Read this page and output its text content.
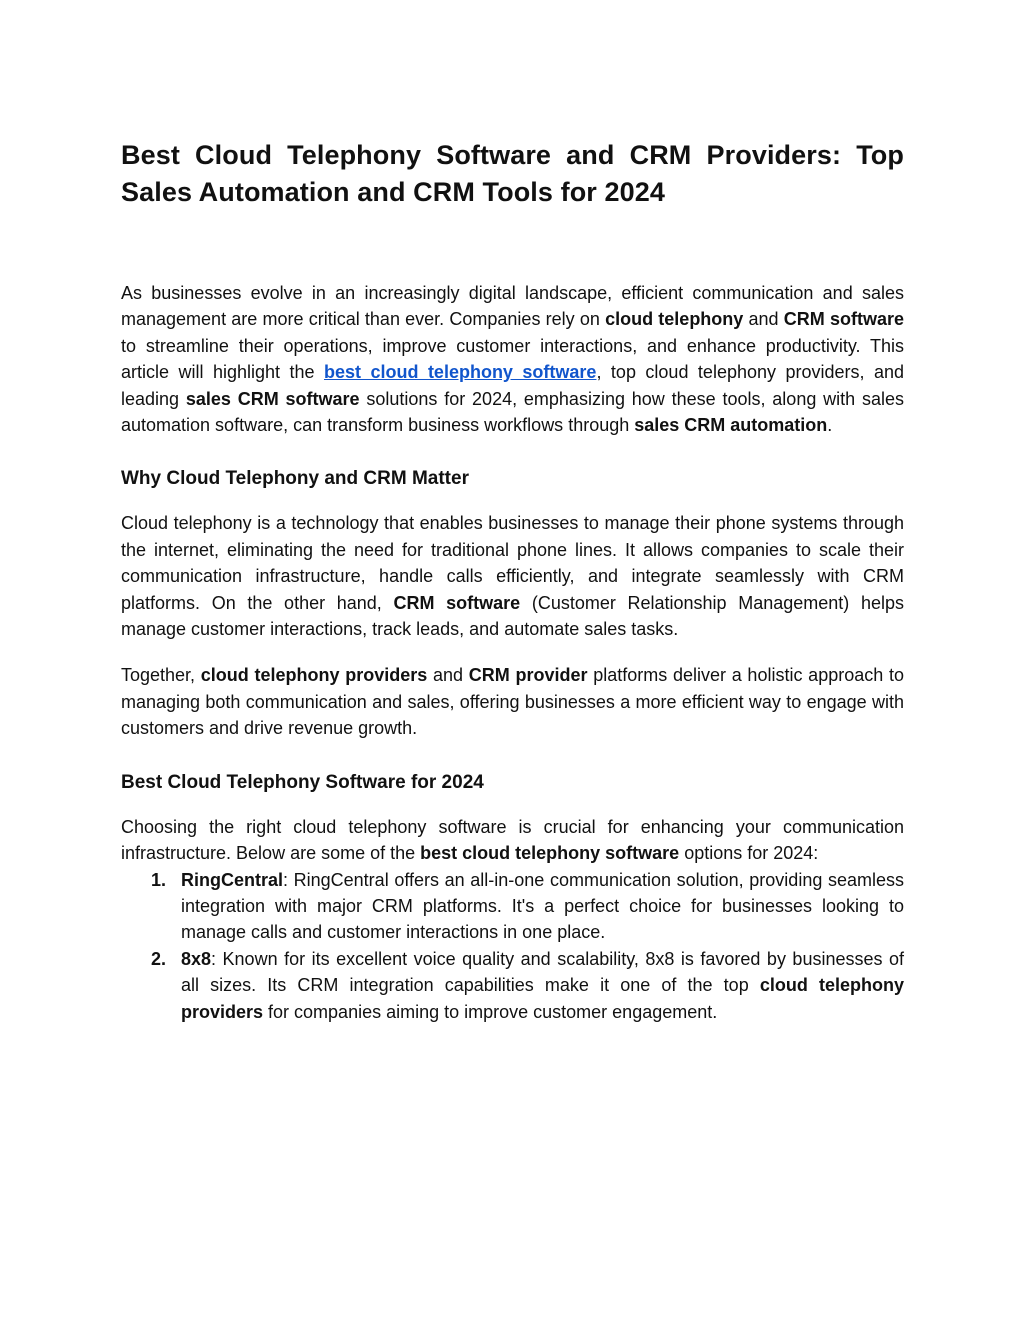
Best Cloud Telephony Software and CRM Providers: Top Sales Automation and CRM Tools for 2024

As businesses evolve in an increasingly digital landscape, efficient communication and sales management are more critical than ever. Companies rely on cloud telephony and CRM software to streamline their operations, improve customer interactions, and enhance productivity. This article will highlight the best cloud telephony software, top cloud telephony providers, and leading sales CRM software solutions for 2024, emphasizing how these tools, along with sales automation software, can transform business workflows through sales CRM automation.

Why Cloud Telephony and CRM Matter

Cloud telephony is a technology that enables businesses to manage their phone systems through the internet, eliminating the need for traditional phone lines. It allows companies to scale their communication infrastructure, handle calls efficiently, and integrate seamlessly with CRM platforms. On the other hand, CRM software (Customer Relationship Management) helps manage customer interactions, track leads, and automate sales tasks.

Together, cloud telephony providers and CRM provider platforms deliver a holistic approach to managing both communication and sales, offering businesses a more efficient way to engage with customers and drive revenue growth.

Best Cloud Telephony Software for 2024

Choosing the right cloud telephony software is crucial for enhancing your communication infrastructure. Below are some of the best cloud telephony software options for 2024:

1. RingCentral: RingCentral offers an all-in-one communication solution, providing seamless integration with major CRM platforms. It's a perfect choice for businesses looking to manage calls and customer interactions in one place.
2. 8x8: Known for its excellent voice quality and scalability, 8x8 is favored by businesses of all sizes. Its CRM integration capabilities make it one of the top cloud telephony providers for companies aiming to improve customer engagement.
